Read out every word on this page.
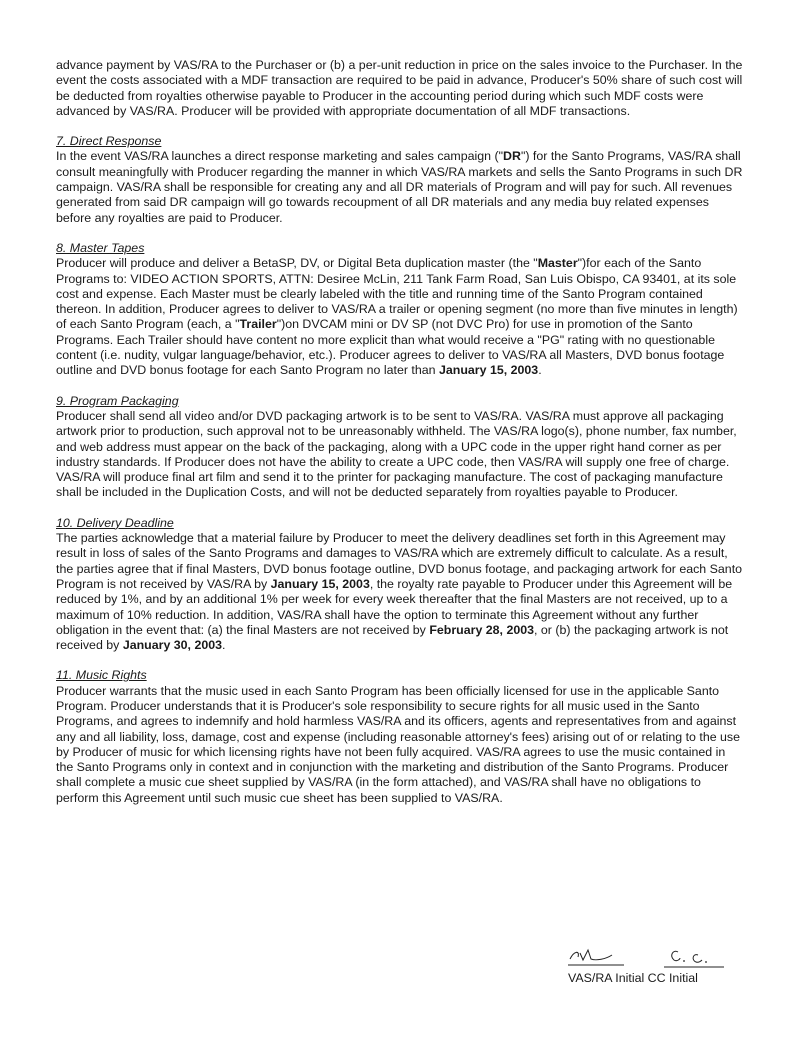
advance payment by VAS/RA to the Purchaser or (b) a per-unit reduction in price on the sales invoice to the Purchaser. In the event the costs associated with a MDF transaction are required to be paid in advance, Producer's 50% share of such cost will be deducted from royalties otherwise payable to Producer in the accounting period during which such MDF costs were advanced by VAS/RA. Producer will be provided with appropriate documentation of all MDF transactions.

7. Direct Response

In the event VAS/RA launches a direct response marketing and sales campaign ("DR") for the Santo Programs, VAS/RA shall consult meaningfully with Producer regarding the manner in which VAS/RA markets and sells the Santo Programs in such DR campaign. VAS/RA shall be responsible for creating any and all DR materials of Program and will pay for such. All revenues generated from said DR campaign will go towards recoupment of all DR materials and any media buy related expenses before any royalties are paid to Producer.

8. Master Tapes

Producer will produce and deliver a BetaSP, DV, or Digital Beta duplication master (the "Master")for each of the Santo Programs to: VIDEO ACTION SPORTS, ATTN: Desiree McLin, 211 Tank Farm Road, San Luis Obispo, CA 93401, at its sole cost and expense. Each Master must be clearly labeled with the title and running time of the Santo Program contained thereon. In addition, Producer agrees to deliver to VAS/RA a trailer or opening segment (no more than five minutes in length) of each Santo Program (each, a "Trailer")on DVCAM mini or DV SP (not DVC Pro) for use in promotion of the Santo Programs. Each Trailer should have content no more explicit than what would receive a "PG" rating with no questionable content (i.e. nudity, vulgar language/behavior, etc.). Producer agrees to deliver to VAS/RA all Masters, DVD bonus footage outline and DVD bonus footage for each Santo Program no later than January 15, 2003.

9. Program Packaging

Producer shall send all video and/or DVD packaging artwork is to be sent to VAS/RA. VAS/RA must approve all packaging artwork prior to production, such approval not to be unreasonably withheld. The VAS/RA logo(s), phone number, fax number, and web address must appear on the back of the packaging, along with a UPC code in the upper right hand corner as per industry standards. If Producer does not have the ability to create a UPC code, then VAS/RA will supply one free of charge. VAS/RA will produce final art film and send it to the printer for packaging manufacture. The cost of packaging manufacture shall be included in the Duplication Costs, and will not be deducted separately from royalties payable to Producer.

10. Delivery Deadline

The parties acknowledge that a material failure by Producer to meet the delivery deadlines set forth in this Agreement may result in loss of sales of the Santo Programs and damages to VAS/RA which are extremely difficult to calculate. As a result, the parties agree that if final Masters, DVD bonus footage outline, DVD bonus footage, and packaging artwork for each Santo Program is not received by VAS/RA by January 15, 2003, the royalty rate payable to Producer under this Agreement will be reduced by 1%, and by an additional 1% per week for every week thereafter that the final Masters are not received, up to a maximum of 10% reduction. In addition, VAS/RA shall have the option to terminate this Agreement without any further obligation in the event that: (a) the final Masters are not received by February 28, 2003, or (b) the packaging artwork is not received by January 30, 2003.

11. Music Rights

Producer warrants that the music used in each Santo Program has been officially licensed for use in the applicable Santo Program. Producer understands that it is Producer's sole responsibility to secure rights for all music used in the Santo Programs, and agrees to indemnify and hold harmless VAS/RA and its officers, agents and representatives from and against any and all liability, loss, damage, cost and expense (including reasonable attorney's fees) arising out of or relating to the use by Producer of music for which licensing rights have not been fully acquired. VAS/RA agrees to use the music contained in the Santo Programs only in context and in conjunction with the marketing and distribution of the Santo Programs. Producer shall complete a music cue sheet supplied by VAS/RA (in the form attached), and VAS/RA shall have no obligations to perform this Agreement until such music cue sheet has been supplied to VAS/RA.

VAS/RA Initial CC Initial
